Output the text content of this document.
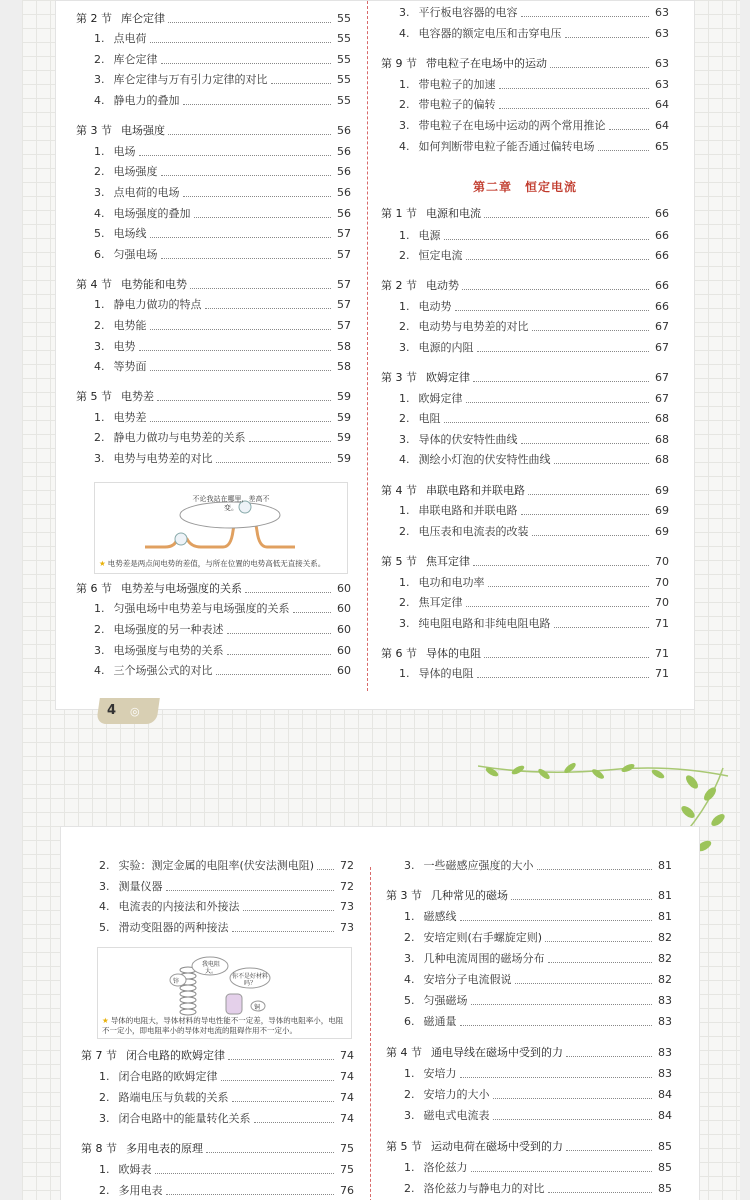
第 2 节 库仑定律	55
1. 点电荷	55
2. 库仑定律	55
3. 库仑定律与万有引力定律的对比	55
4. 静电力的叠加	55
第 3 节 电场强度	56
1. 电场	56
2. 电场强度	56
3. 点电荷的电场	56
4. 电场强度的叠加	56
5. 电场线	57
6. 匀强电场	57
第 4 节 电势能和电势	57
1. 静电力做功的特点	57
2. 电势能	57
3. 电势	58
4. 等势面	58
第 5 节 电势差	59
1. 电势差	59
2. 静电力做功与电势差的关系	59
3. 电势与电势差的对比	59
第 6 节 电势差与电场强度的关系	60
1. 匀强电场中电势差与电场强度的关系	60
2. 电场强度的另一种表述	60
3. 电场强度与电势的关系	60
4. 三个场强公式的对比	60
3. 平行板电容器的电容	63
4. 电容器的额定电压和击穿电压	63
第 9 节 带电粒子在电场中的运动	63
1. 带电粒子的加速	63
2. 带电粒子的偏转	64
3. 带电粒子在电场中运动的两个常用推论	64
4. 如何判断带电粒子能否通过偏转电场	65
第二章　恒定电流
第 1 节 电源和电流	66
1. 电源	66
2. 恒定电流	66
第 2 节 电动势	66
1. 电动势	66
2. 电动势与电势差的对比	67
3. 电源的内阻	67
第 3 节 欧姆定律	67
1. 欧姆定律	67
2. 电阻	68
3. 导体的伏安特性曲线	68
4. 测绘小灯泡的伏安特性曲线	68
第 4 节 串联电路和并联电路	69
1. 串联电路和并联电路	69
2. 电压表和电流表的改装	69
第 5 节 焦耳定律	70
1. 电功和电功率	70
2. 焦耳定律	70
3. 纯电阻电路和非纯电阻电路	71
第 6 节 导体的电阻	71
1. 导体的电阻	71
不论我站在哪里，差高不变。
★ 电势差是两点间电势的差值，与所在位置的电势高低无直接关系。
4 ◎
2. 实验：测定金属的电阻率(伏安法测电阻) 72
3. 测量仪器	72
4. 电流表的内接法和外接法	73
5. 滑动变阻器的两种接法	73
第 7 节 闭合电路的欧姆定律	74
1. 闭合电路的欧姆定律	74
2. 路端电压与负载的关系	74
3. 闭合电路中的能量转化关系	74
第 8 节 多用电表的原理	75
1. 欧姆表	75
2. 多用电表	76
3. 一些磁感应强度的大小	81
第 3 节 几种常见的磁场	81
1. 磁感线	81
2. 安培定则(右手螺旋定则)	82
3. 几种电流周围的磁场分布	82
4. 安培分子电流假说	82
5. 匀强磁场	83
6. 磁通量	83
第 4 节 通电导线在磁场中受到的力	83
1. 安培力	83
2. 安培力的大小	84
3. 磁电式电流表	84
第 5 节 运动电荷在磁场中受到的力	85
1. 洛伦兹力	85
2. 洛伦兹力与静电力的对比	85
我电阻大。
你不是好材料吗？
锌
铜
★ 导体的电阻大，导体材料的导电性能不一定差，导体的电阻率小，电阻不一定小，即电阻率小的导体对电流的阻碍作用不一定小。
